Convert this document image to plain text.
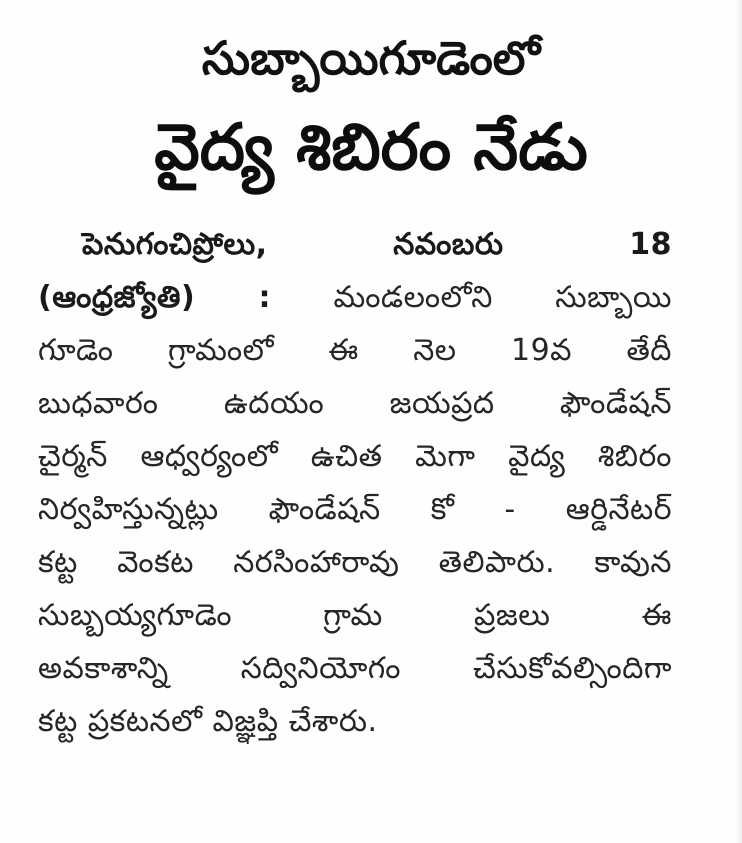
సుబ్బాయిగూడెంలో
వైద్య శిబిరం నేడు
పెనుగంచిప్రోలు,	నవంబరు	18
(ఆంధ్రజ్యోతి) : మండలంలోని సుబ్బాయి
గూడెం గ్రామంలో ఈ నెల 19వ తేదీ
బుధవారం ఉదయం జయప్రద ఫౌండేషన్
చైర్మన్ ఆధ్వర్యంలో ఉచిత మెగా వైద్య శిబిరం
నిర్వహిస్తున్నట్లు ఫౌండేషన్ కో - ఆర్డినేటర్
కట్ట వెంకట నరసింహారావు తెలిపారు. కావున
సుబ్బయ్యగూడెం గ్రామ ప్రజలు ఈ
అవకాశాన్ని సద్వినియోగం చేసుకోవల్సిందిగా
కట్ట ప్రకటనలో విజ్ఞప్తి చేశారు.
